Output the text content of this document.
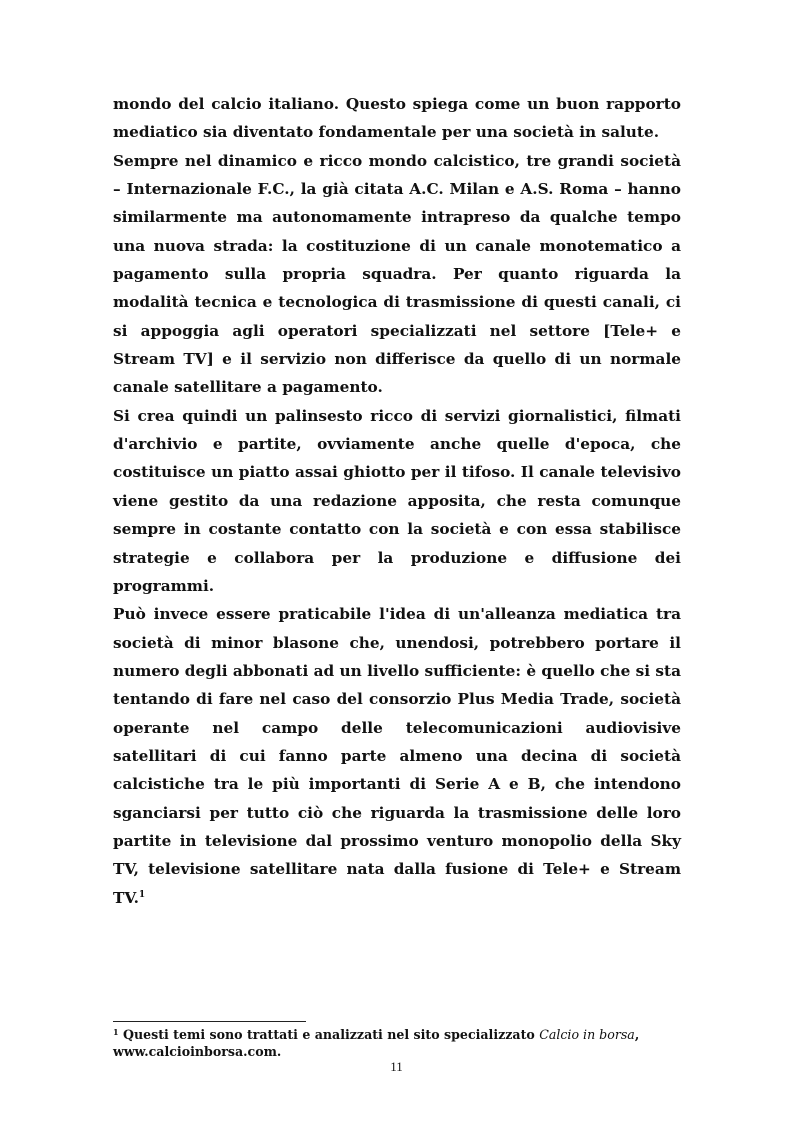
mondo del calcio italiano. Questo spiega come un buon rapporto mediatico sia diventato fondamentale per una società in salute.

Sempre nel dinamico e ricco mondo calcistico, tre grandi società – Internazionale F.C., la già citata A.C. Milan e A.S. Roma – hanno similarmente ma autonomamente intrapreso da qualche tempo una nuova strada: la costituzione di un canale monotematico a pagamento sulla propria squadra. Per quanto riguarda la modalità tecnica e tecnologica di trasmissione di questi canali, ci si appoggia agli operatori specializzati nel settore [Tele+ e Stream TV] e il servizio non differisce da quello di un normale canale satellitare a pagamento.

Si crea quindi un palinsesto ricco di servizi giornalistici, filmati d'archivio e partite, ovviamente anche quelle d'epoca, che costituisce un piatto assai ghiotto per il tifoso. Il canale televisivo viene gestito da una redazione apposita, che resta comunque sempre in costante contatto con la società e con essa stabilisce strategie e collabora per la produzione e diffusione dei programmi.

Può invece essere praticabile l'idea di un'alleanza mediatica tra società di minor blasone che, unendosi, potrebbero portare il numero degli abbonati ad un livello sufficiente: è quello che si sta tentando di fare nel caso del consorzio Plus Media Trade, società operante nel campo delle telecomunicazioni audiovisive satellitari di cui fanno parte almeno una decina di società calcistiche tra le più importanti di Serie A e B, che intendono sganciarsi per tutto ciò che riguarda la trasmissione delle loro partite in televisione dal prossimo venturo monopolio della Sky TV, televisione satellitare nata dalla fusione di Tele+ e Stream TV.$^1$

$^1$ Questi temi sono trattati e analizzati nel sito specializzato Calcio in borsa,
www.calcioinborsa.com.
11
